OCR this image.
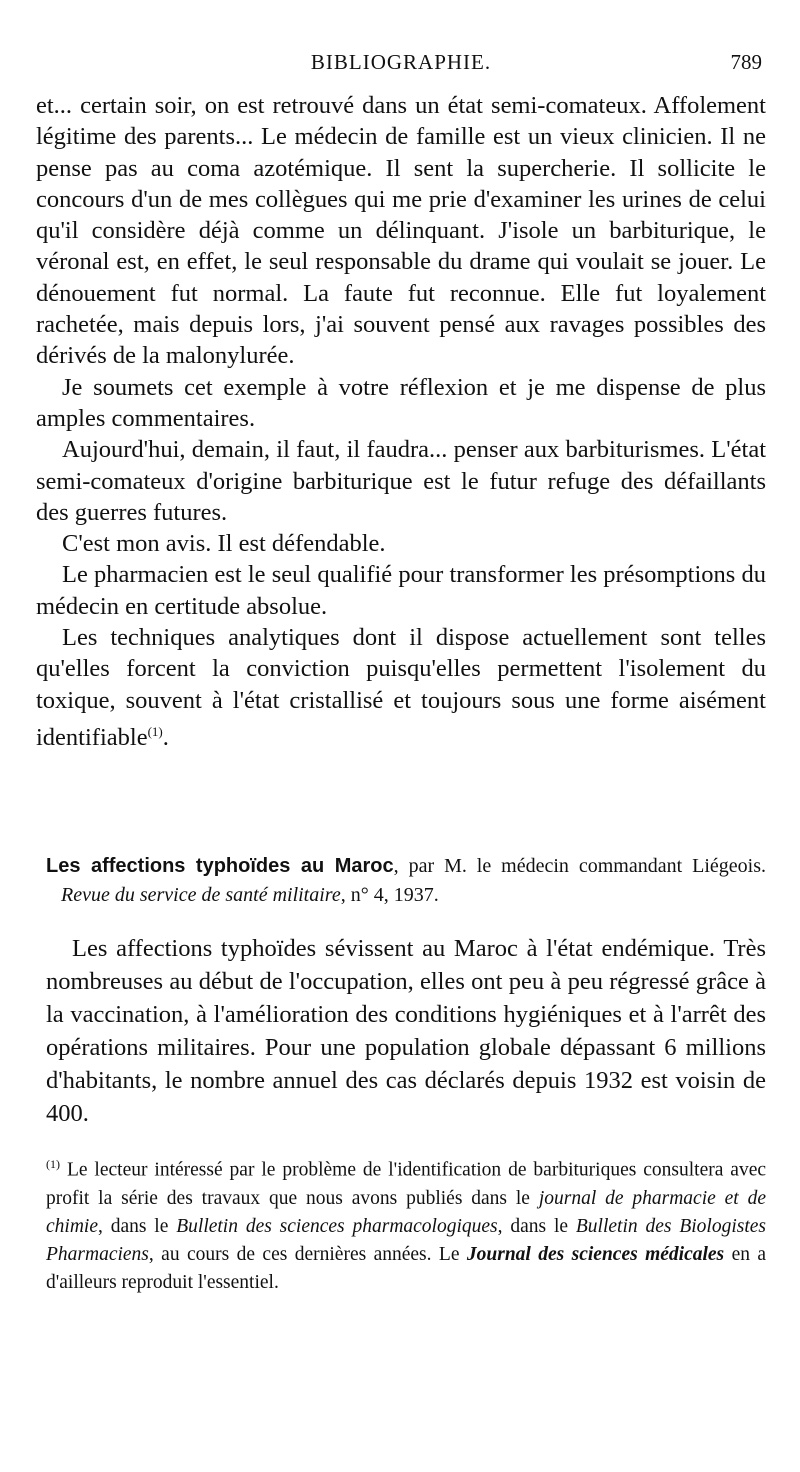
BIBLIOGRAPHIE.	789

et... certain soir, on est retrouvé dans un état semi-comateux. Affolement légitime des parents... Le médecin de famille est un vieux clinicien. Il ne pense pas au coma azotémique. Il sent la supercherie. Il sollicite le concours d'un de mes collègues qui me prie d'examiner les urines de celui qu'il considère déjà comme un délinquant. J'isole un barbiturique, le véronal est, en effet, le seul responsable du drame qui voulait se jouer. Le dénouement fut normal. La faute fut reconnue. Elle fut loyalement rachetée, mais depuis lors, j'ai souvent pensé aux ravages possibles des dérivés de la malonylurée.

Je soumets cet exemple à votre réflexion et je me dispense de plus amples commentaires.

Aujourd'hui, demain, il faut, il faudra... penser aux barbiturismes. L'état semi-comateux d'origine barbiturique est le futur refuge des défaillants des guerres futures.

C'est mon avis. Il est défendable.

Le pharmacien est le seul qualifié pour transformer les présomptions du médecin en certitude absolue.

Les techniques analytiques dont il dispose actuellement sont telles qu'elles forcent la conviction puisqu'elles permettent l'isolement du toxique, souvent à l'état cristallisé et toujours sous une forme aisément identifiable$^{(1)}$.

Les affections typhoïdes au Maroc, par M. le médecin commandant Liégeois.    Revue du service de santé militaire, n° 4, 1937.

Les affections typhoïdes sévissent au Maroc à l'état endémique. Très nombreuses au début de l'occupation, elles ont peu à peu régressé grâce à la vaccination, à l'amélioration des conditions hygiéniques et à l'arrêt des opérations militaires. Pour une population globale dépassant 6 millions d'habitants, le nombre annuel des cas déclarés depuis 1932 est voisin de 400.

$^{(1)}$ Le lecteur intéressé par le problème de l'identification de barbituriques consultera avec profit la série des travaux que nous avons publiés dans le journal de pharmacie et de chimie, dans le Bulletin des sciences pharmacologiques, dans le Bulletin des Biologistes Pharmaciens, au cours de ces dernières années. Le Journal des sciences médicales en a d'ailleurs reproduit l'essentiel.
